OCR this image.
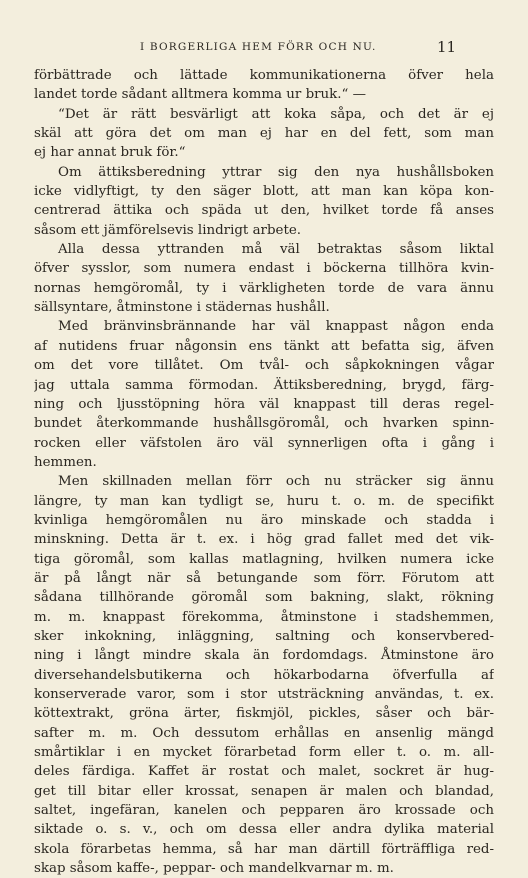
I BORGERLIGA HEM FÖRR OCH NU.	11
förbättrade och lättade kommunikationerna öfver hela
landet torde sådant alltmera komma ur bruk.“ —
“Det är rätt besvärligt att koka såpa, och det är ej
skäl att göra det om man ej har en del fett, som man
ej har annat bruk för.“
Om ättiksberedning yttrar sig den nya hushållsboken
icke vidlyftigt, ty den säger blott, att man kan köpa kon-
centrerad ättika och späda ut den, hvilket torde få anses
såsom ett jämförelsevis lindrigt arbete.
Alla dessa yttranden må väl betraktas såsom liktal
öfver sysslor, som numera endast i böckerna tillhöra kvin-
nornas hemgöromål, ty i värkligheten torde de vara ännu
sällsyntare, åtminstone i städernas hushåll.
Med bränvinsbrännande har väl knappast någon enda
af nutidens fruar någonsin ens tänkt att befatta sig, äfven
om det vore tillåtet. Om tvål- och såpkokningen vågar
jag uttala samma förmodan. Ättiksberedning, brygd, färg-
ning och ljusstöpning höra väl knappast till deras regel-
bundet återkommande hushållsgöromål, och hvarken spinn-
rocken eller väfstolen äro väl synnerligen ofta i gång i
hemmen.
Men skillnaden mellan förr och nu sträcker sig ännu
längre, ty man kan tydligt se, huru t. o. m. de specifikt
kvinliga hemgöromålen nu äro minskade och stadda i
minskning. Detta är t. ex. i hög grad fallet med det vik-
tiga göromål, som kallas matlagning, hvilken numera icke
är på långt när så betungande som förr. Förutom att
sådana tillhörande göromål som bakning, slakt, rökning
m. m. knappast förekomma, åtminstone i stadshemmen,
sker inkokning, inläggning, saltning och konservbered-
ning i långt mindre skala än fordomdags. Åtminstone äro
diversehandelsbutikerna och hökarbodarna öfverfulla af
konserverade varor, som i stor utsträckning användas, t. ex.
köttextrakt, gröna ärter, fiskmjöl, pickles, såser och bär-
safter m. m. Och dessutom erhållas en ansenlig mängd
smårtiklar i en mycket förarbetad form eller t. o. m. all-
deles färdiga. Kaffet är rostat och malet, sockret är hug-
get till bitar eller krossat, senapen är malen och blandad,
saltet, ingefäran, kanelen och pepparen äro krossade och
siktade o. s. v., och om dessa eller andra dylika material
skola förarbetas hemma, så har man därtill förträffliga red-
skap såsom kaffe-, peppar- och mandelkvarnar m. m.
